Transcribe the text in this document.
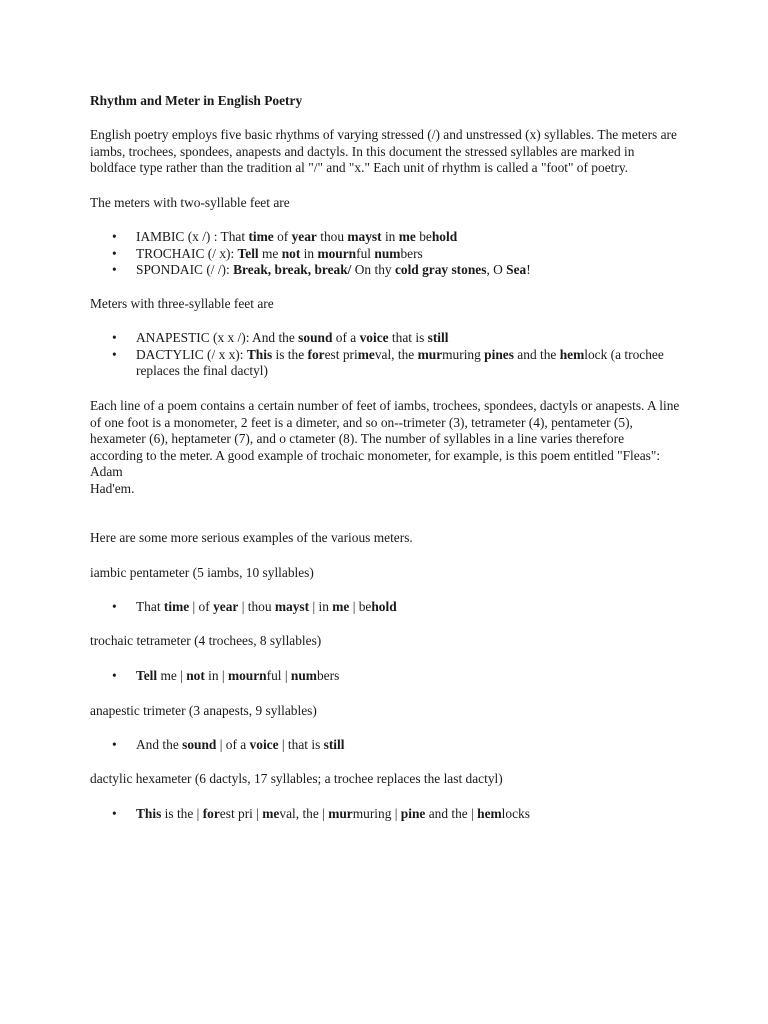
Rhythm and Meter in English Poetry

English poetry employs five basic rhythms of varying stressed (/) and unstressed (x) syllables. The meters are iambs, trochees, spondees, anapests and dactyls. In this document the stressed syllables are marked in boldface type rather than the tradition al "/" and "x." Each unit of rhythm is called a "foot" of poetry.

The meters with two-syllable feet are

• IAMBIC (x /) : That time of year thou mayst in me behold
• TROCHAIC (/ x): Tell me not in mournful numbers
• SPONDAIC (/ /): Break, break, break/ On thy cold gray stones, O Sea!

Meters with three-syllable feet are

• ANAPESTIC (x x /): And the sound of a voice that is still
• DACTYLIC (/ x x): This is the forest primeval, the murmuring pines and the hemlock (a trochee replaces the final dactyl)

Each line of a poem contains a certain number of feet of iambs, trochees, spondees, dactyls or anapests. A line of one foot is a monometer, 2 feet is a dimeter, and so on--trimeter (3), tetrameter (4), pentameter (5), hexameter (6), heptameter (7), and o ctameter (8). The number of syllables in a line varies therefore according to the meter. A good example of trochaic monometer, for example, is this poem entitled "Fleas":

Adam
Had'em.

Here are some more serious examples of the various meters.

iambic pentameter (5 iambs, 10 syllables)

• That time | of year | thou mayst | in me | behold

trochaic tetrameter (4 trochees, 8 syllables)

• Tell me | not in | mournful | numbers

anapestic trimeter (3 anapests, 9 syllables)

• And the sound | of a voice | that is still

dactylic hexameter (6 dactyls, 17 syllables; a trochee replaces the last dactyl)

• This is the | forest pri | meval, the | murmuring | pine and the | hemlocks
